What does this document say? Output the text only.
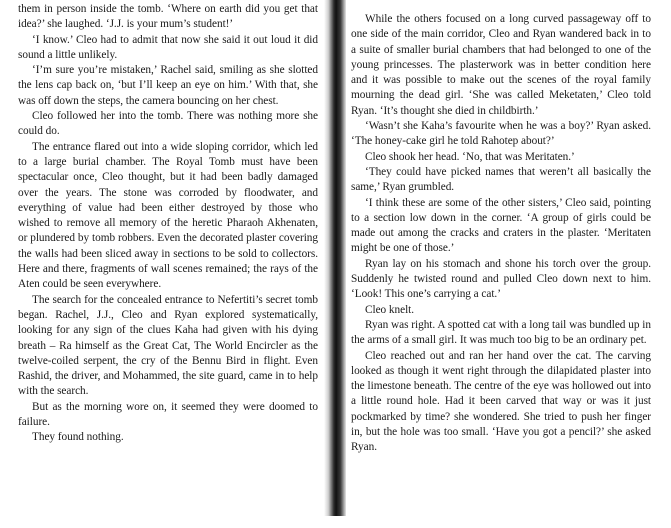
them in person inside the tomb. ‘Where on earth did you get that idea?’ she laughed. ‘J.J. is your mum’s student!’

‘I know.’ Cleo had to admit that now she said it out loud it did sound a little unlikely.

‘I’m sure you’re mistaken,’ Rachel said, smiling as she slotted the lens cap back on, ‘but I’ll keep an eye on him.’ With that, she was off down the steps, the camera bouncing on her chest.

Cleo followed her into the tomb. There was nothing more she could do.

The entrance flared out into a wide sloping corridor, which led to a large burial chamber. The Royal Tomb must have been spectacular once, Cleo thought, but it had been badly damaged over the years. The stone was corroded by floodwater, and everything of value had been either destroyed by those who wished to remove all memory of the heretic Pharaoh Akhenaten, or plundered by tomb robbers. Even the decorated plaster covering the walls had been sliced away in sections to be sold to collectors. Here and there, fragments of wall scenes remained; the rays of the Aten could be seen everywhere.

The search for the concealed entrance to Nefertiti’s secret tomb began. Rachel, J.J., Cleo and Ryan explored systematically, looking for any sign of the clues Kaha had given with his dying breath – Ra himself as the Great Cat, The World Encircler as the twelve-coiled serpent, the cry of the Bennu Bird in flight. Even Rashid, the driver, and Mohammed, the site guard, came in to help with the search.

But as the morning wore on, it seemed they were doomed to failure.

They found nothing.

While the others focused on a long curved passageway off to one side of the main corridor, Cleo and Ryan wandered back in to a suite of smaller burial chambers that had belonged to one of the young princesses. The plasterwork was in better condition here and it was possible to make out the scenes of the royal family mourning the dead girl. ‘She was called Meketaten,’ Cleo told Ryan. ‘It’s thought she died in childbirth.’

‘Wasn’t she Kaha’s favourite when he was a boy?’ Ryan asked. ‘The honey-cake girl he told Rahotep about?’

Cleo shook her head. ‘No, that was Meritaten.’

‘They could have picked names that weren’t all basically the same,’ Ryan grumbled.

‘I think these are some of the other sisters,’ Cleo said, pointing to a section low down in the corner. ‘A group of girls could be made out among the cracks and craters in the plaster. ‘Meritaten might be one of those.’

Ryan lay on his stomach and shone his torch over the group. Suddenly he twisted round and pulled Cleo down next to him. ‘Look! This one’s carrying a cat.’

Cleo knelt.

Ryan was right. A spotted cat with a long tail was bundled up in the arms of a small girl. It was much too big to be an ordinary pet.

Cleo reached out and ran her hand over the cat. The carving looked as though it went right through the dilapidated plaster into the limestone beneath. The centre of the eye was hollowed out into a little round hole. Had it been carved that way or was it just pockmarked by time? she wondered. She tried to push her finger in, but the hole was too small. ‘Have you got a pencil?’ she asked Ryan.
